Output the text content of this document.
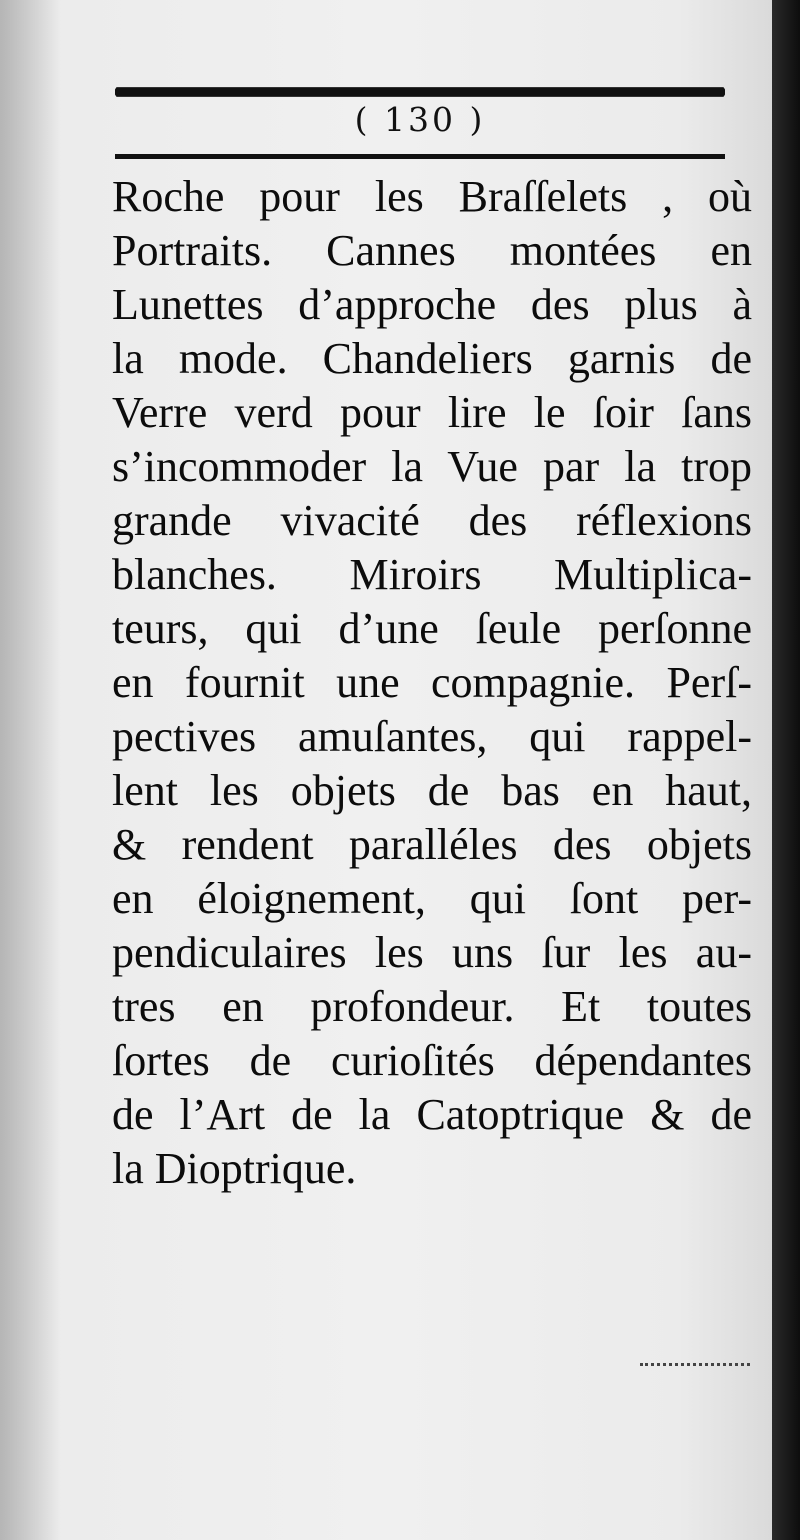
( 130 )
Roche pour les Braſſelets , où
Portraits. Cannes montées en
Lunettes d’approche des plus à
la mode. Chandeliers garnis de
Verre verd pour lire le ſoir ſans
s’incommoder la Vue par la trop
grande vivacité des réflexions
blanches. Miroirs Multiplica-
teurs, qui d’une ſeule perſonne
en fournit une compagnie. Perſ-
pectives amuſantes, qui rappel-
lent les objets de bas en haut,
& rendent paralléles des objets
en éloignement, qui ſont per-
pendiculaires les uns ſur les au-
tres en profondeur. Et toutes
ſortes de curioſités dépendantes
de l’Art de la Catoptrique & de
la Dioptrique.
